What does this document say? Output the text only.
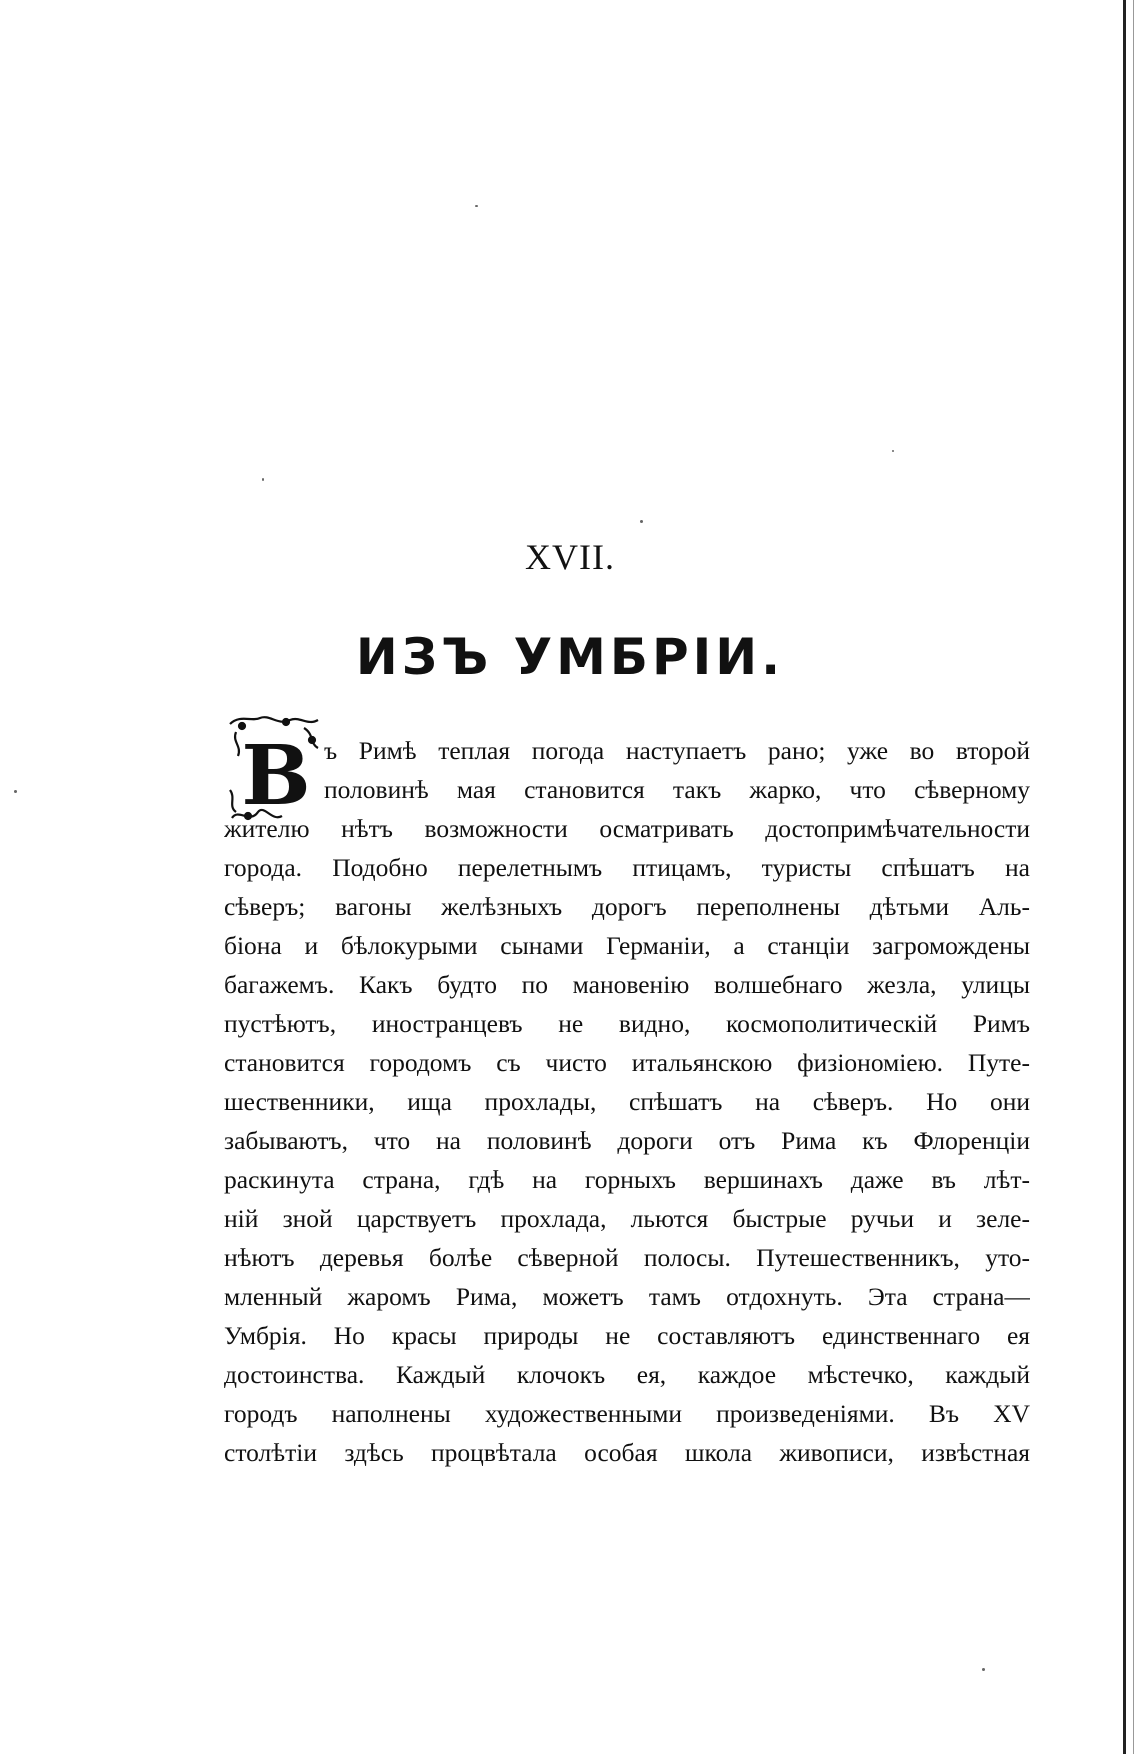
XVII.
ИЗЪ УМБРІИ.
В ъ Римѣ теплая погода наступаетъ рано; уже во второй
половинѣ мая становится такъ жарко, что сѣверному
жителю нѣтъ возможности осматривать достопримѣчательности
города. Подобно перелетнымъ птицамъ, туристы спѣшатъ на
сѣверъ; вагоны желѣзныхъ дорогъ переполнены дѣтьми Аль-
біона и бѣлокурыми сынами Германіи, а станціи загромождены
багажемъ. Какъ будто по мановенію волшебнаго жезла, улицы
пустѣютъ, иностранцевъ не видно, космополитическій Римъ
становится городомъ съ чисто итальянскою физіономіею. Путе-
шественники, ища прохлады, спѣшатъ на сѣверъ. Но они
забываютъ, что на половинѣ дороги отъ Рима къ Флоренціи
раскинута страна, гдѣ на горныхъ вершинахъ даже въ лѣт-
ній зной царствуетъ прохлада, льются быстрые ручьи и зеле-
нѣютъ деревья болѣе сѣверной полосы. Путешественникъ, уто-
мленный жаромъ Рима, можетъ тамъ отдохнуть. Эта страна—
Умбрія. Но красы природы не составляютъ единственнаго ея
достоинства. Каждый клочокъ ея, каждое мѣстечко, каждый
городъ наполнены художественными произведеніями. Въ XV
столѣтіи здѣсь процвѣтала особая школа живописи, извѣстная
